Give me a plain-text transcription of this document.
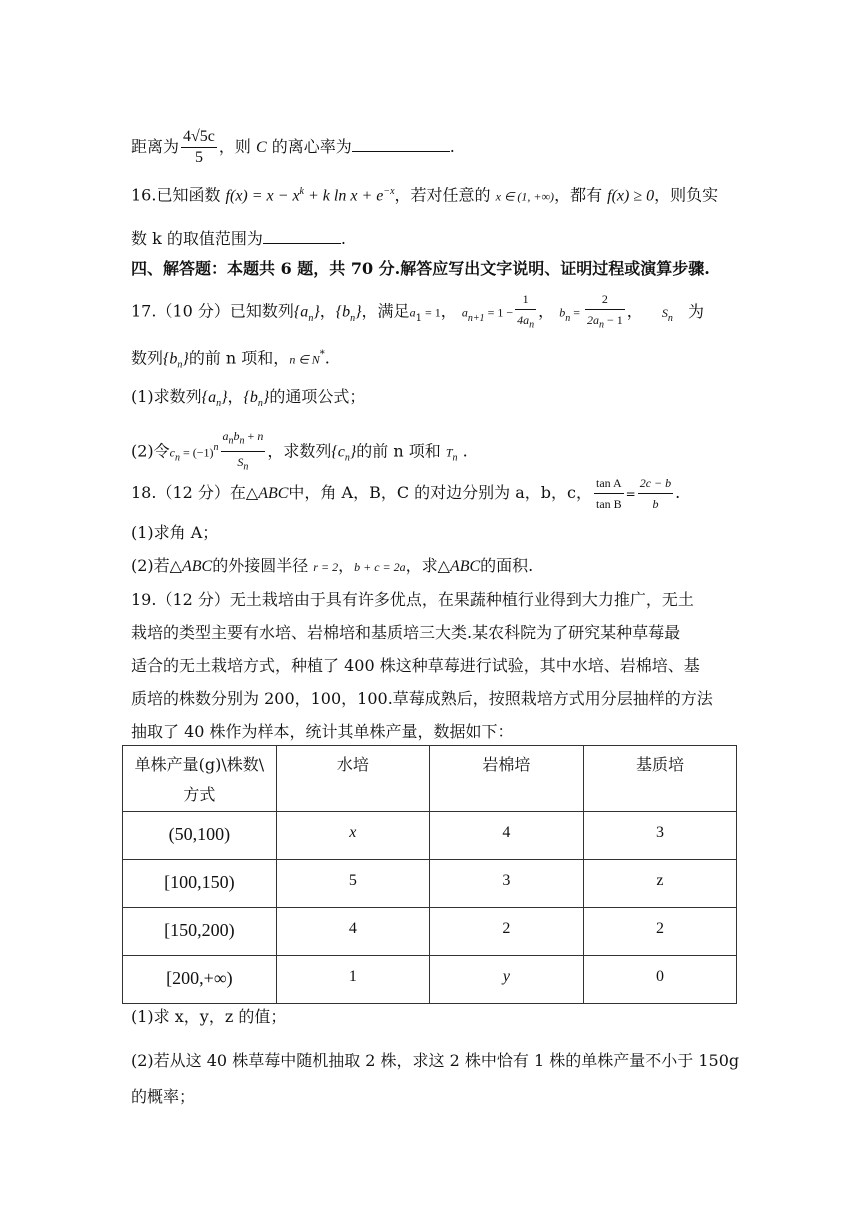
距离为 $\frac{4√5c}{5}$ ，则 C 的离心率为	.
16.已知函数 $f(x) = x - x^k + k$ $\ln x + e^{-x}$，若对任意的 x ∈ (1, +∞)，都有 f(x) ≥ 0，则负实
数 k 的取值范围为	.
四、解答题：本题共 6 题，共 70 分.解答应写出文字说明、证明过程或演算步骤.
17.（10 分）已知数列$\{a_n\}$，$\{b_n\}$，满足$a_1 = 1$， $a_{n+1} = 1 - \frac{1}{4a_n}$ ， $b_n = \frac{2}{2a_n - 1}$ ， $S_n$ 为
数列$\{b_n\}$的前 n 项和，n ∈ N*.
(1)求数列$\{a_n\}$，$\{b_n\}$的通项公式；
(2)令$c_n = (-1)^n \frac{a_nb_n + n}{S_n}$ ，求数列$\{c_n\}$的前 n 项和 $T_n$ .
18.（12 分）在△ABC中，角 A，B，C 的对边分别为 a，b，c， $\frac{\text{tan A}}{\text{tan B}} = \frac{2c - b}{b}$ .
(1)求角 A；
(2)若△ABC的外接圆半径 r = 2，b + c = 2a，求△ABC的面积.
19.（12 分）无土栽培由于具有许多优点，在果蔬种植行业得到大力推广，无土
栽培的类型主要有水培、岩棉培和基质培三大类.某农科院为了研究某种草莓最
适合的无土栽培方式，种植了 400 株这种草莓进行试验，其中水培、岩棉培、基
质培的株数分别为 200，100，100.草莓成熟后，按照栽培方式用分层抽样的方法
抽取了 40 株作为样本，统计其单株产量，数据如下：
单株产量(g)\株数\
方式	水培	岩棉培	基质培
(50,100)	x	4	3
[100,150)	5	3	z
[150,200)	4	2	2
[200,+∞)	1	y	0
(1)求 x，y，z 的值；
(2)若从这 40 株草莓中随机抽取 2 株，求这 2 株中恰有 1 株的单株产量不小于 150g
的概率；
